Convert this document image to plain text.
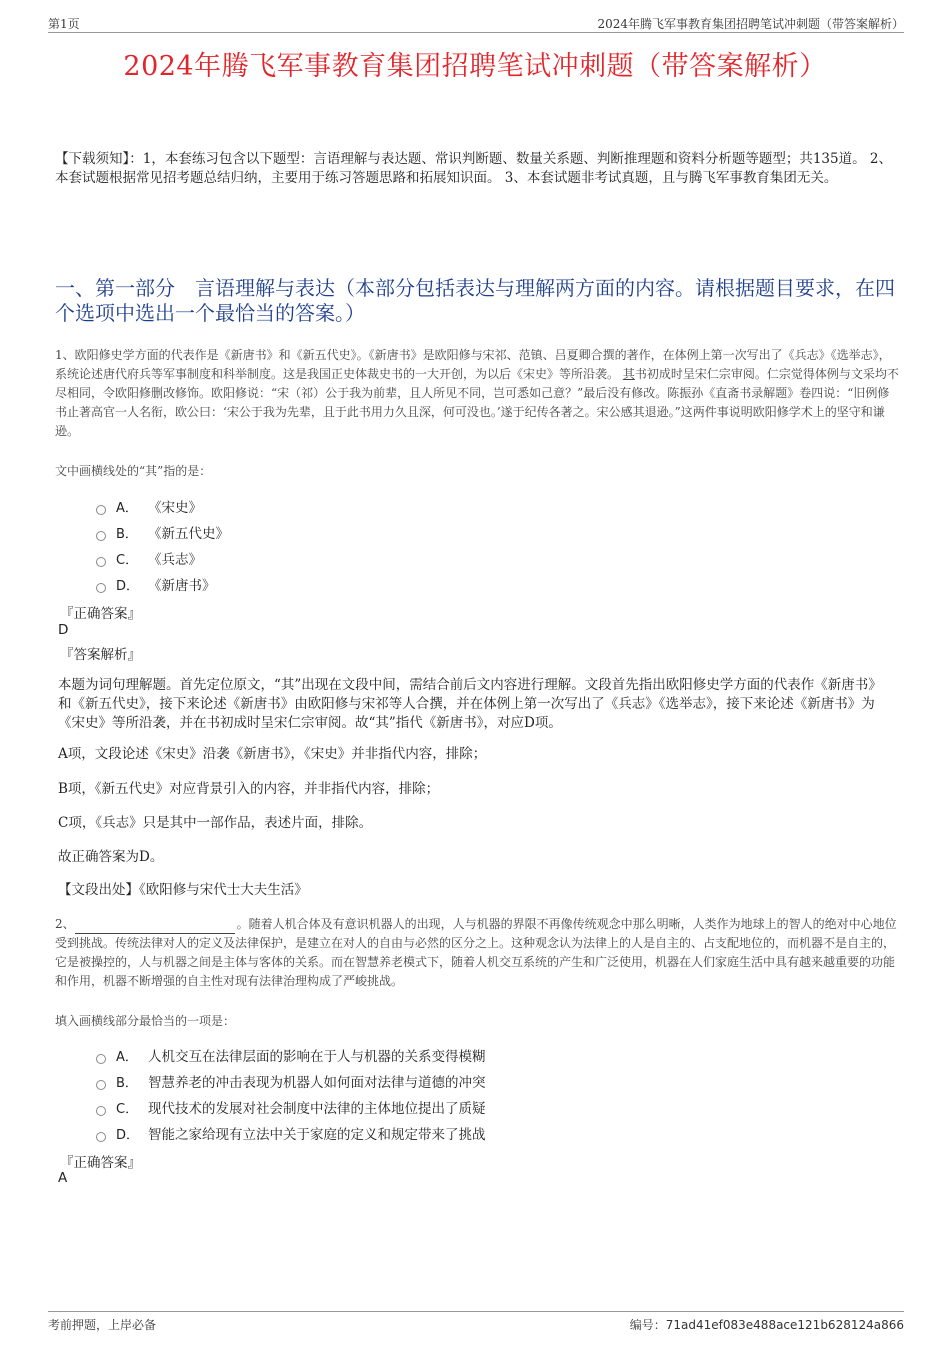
第1页	2024年腾飞军事教育集团招聘笔试冲刺题（带答案解析）
2024年腾飞军事教育集团招聘笔试冲刺题（带答案解析）
【下载须知】：1，本套练习包含以下题型：言语理解与表达题、常识判断题、数量关系题、判断推理题和资料分析题等题型；共135道。 2、本套试题根据常见招考题总结归纳，主要用于练习答题思路和拓展知识面。 3、本套试题非考试真题，且与腾飞军事教育集团无关。
一、第一部分　言语理解与表达（本部分包括表达与理解两方面的内容。请根据题目要求，在四个选项中选出一个最恰当的答案。）
1、欧阳修史学方面的代表作是《新唐书》和《新五代史》。《新唐书》是欧阳修与宋祁、范镇、吕夏卿合撰的著作，在体例上第一次写出了《兵志》《选举志》，系统论述唐代府兵等军事制度和科举制度。这是我国正史体裁史书的一大开创，为以后《宋史》等所沿袭。 其书初成时呈宋仁宗审阅。仁宗觉得体例与文采均不尽相同，令欧阳修删改修饰。欧阳修说：“宋（祁）公于我为前辈，且人所见不同，岂可悉如己意？”最后没有修改。陈振孙《直斋书录解题》卷四说：“旧例修书止著高官一人名衔，欧公曰：‘宋公于我为先辈，且于此书用力久且深，何可没也。’遂于纪传各著之。宋公感其退逊。”这两件事说明欧阳修学术上的坚守和谦逊。
文中画横线处的“其”指的是：
A． 《宋史》
B． 《新五代史》
C． 《兵志》
D． 《新唐书》
『正确答案』
D
『答案解析』
本题为词句理解题。首先定位原文，“其”出现在文段中间，需结合前后文内容进行理解。文段首先指出欧阳修史学方面的代表作《新唐书》和《新五代史》，接下来论述《新唐书》由欧阳修与宋祁等人合撰，并在体例上第一次写出了《兵志》《选举志》，接下来论述《新唐书》为《宋史》等所沿袭，并在书初成时呈宋仁宗审阅。故“其”指代《新唐书》，对应D项。
A项，文段论述《宋史》沿袭《新唐书》，《宋史》并非指代内容，排除；
B项，《新五代史》对应背景引入的内容，并非指代内容，排除；
C项，《兵志》只是其中一部作品，表述片面，排除。
故正确答案为D。
【文段出处】《欧阳修与宋代士大夫生活》
2、	。随着人机合体及有意识机器人的出现，人与机器的界限不再像传统观念中那么明晰，人类作为地球上的智人的绝对中心地位受到挑战。传统法律对人的定义及法律保护，是建立在对人的自由与必然的区分之上。这种观念认为法律上的人是自主的、占支配地位的，而机器不是自主的，它是被操控的，人与机器之间是主体与客体的关系。而在智慧养老模式下，随着人机交互系统的产生和广泛使用，机器在人们家庭生活中具有越来越重要的功能和作用，机器不断增强的自主性对现有法律治理构成了严峻挑战。
填入画横线部分最恰当的一项是：
A． 人机交互在法律层面的影响在于人与机器的关系变得模糊
B． 智慧养老的冲击表现为机器人如何面对法律与道德的冲突
C． 现代技术的发展对社会制度中法律的主体地位提出了质疑
D． 智能之家给现有立法中关于家庭的定义和规定带来了挑战
『正确答案』
A
考前押题，上岸必备	编号：71ad41ef083e488ace121b628124a866
